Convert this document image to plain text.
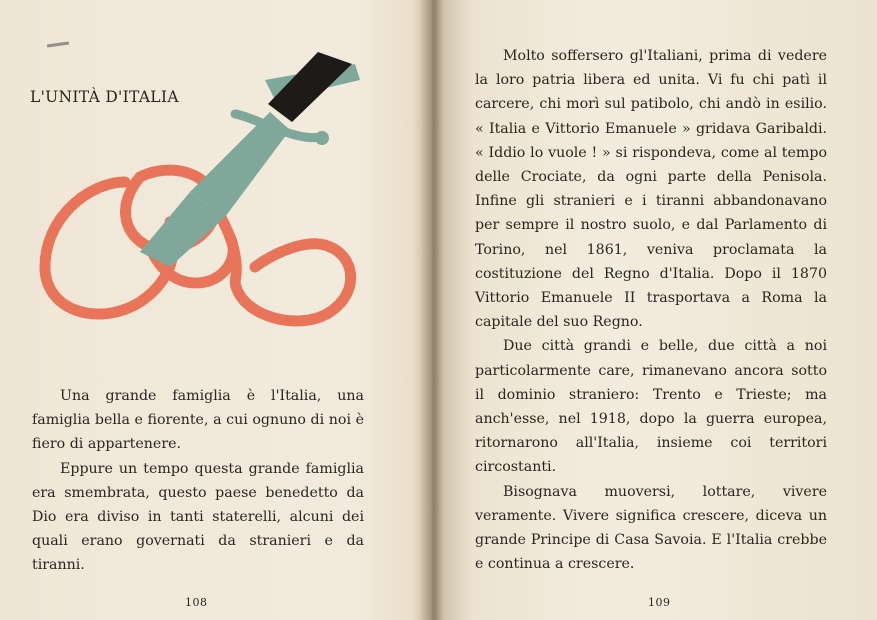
L'UNITÀ D'ITALIA

Una grande famiglia è l'Italia, una famiglia bella e fiorente, a cui ognuno di noi è fiero di appartenere.

Eppure un tempo questa grande famiglia era smembrata, questo paese benedetto da Dio era diviso in tanti staterelli, alcuni dei quali erano governati da stranieri e da tiranni.

108

Molto soffersero gl'Italiani, prima di vedere la loro patria libera ed unita. Vi fu chi patì il carcere, chi morì sul patibolo, chi andò in esilio. « Italia e Vittorio Emanuele » gridava Garibaldi. « Iddio lo vuole ! » si rispondeva, come al tempo delle Crociate, da ogni parte della Penisola. Infine gli stranieri e i tiranni abbandonavano per sempre il nostro suolo, e dal Parlamento di Torino, nel 1861, veniva proclamata la costituzione del Regno d'Italia. Dopo il 1870 Vittorio Emanuele II trasportava a Roma la capitale del suo Regno.

Due città grandi e belle, due città a noi particolarmente care, rimanevano ancora sotto il dominio straniero: Trento e Trieste; ma anch'esse, nel 1918, dopo la guerra europea, ritornarono all'Italia, insieme coi territori circostanti.

Bisognava muoversi, lottare, vivere veramente. Vivere significa crescere, diceva un grande Principe di Casa Savoia. E l'Italia crebbe e continua a crescere.

109
